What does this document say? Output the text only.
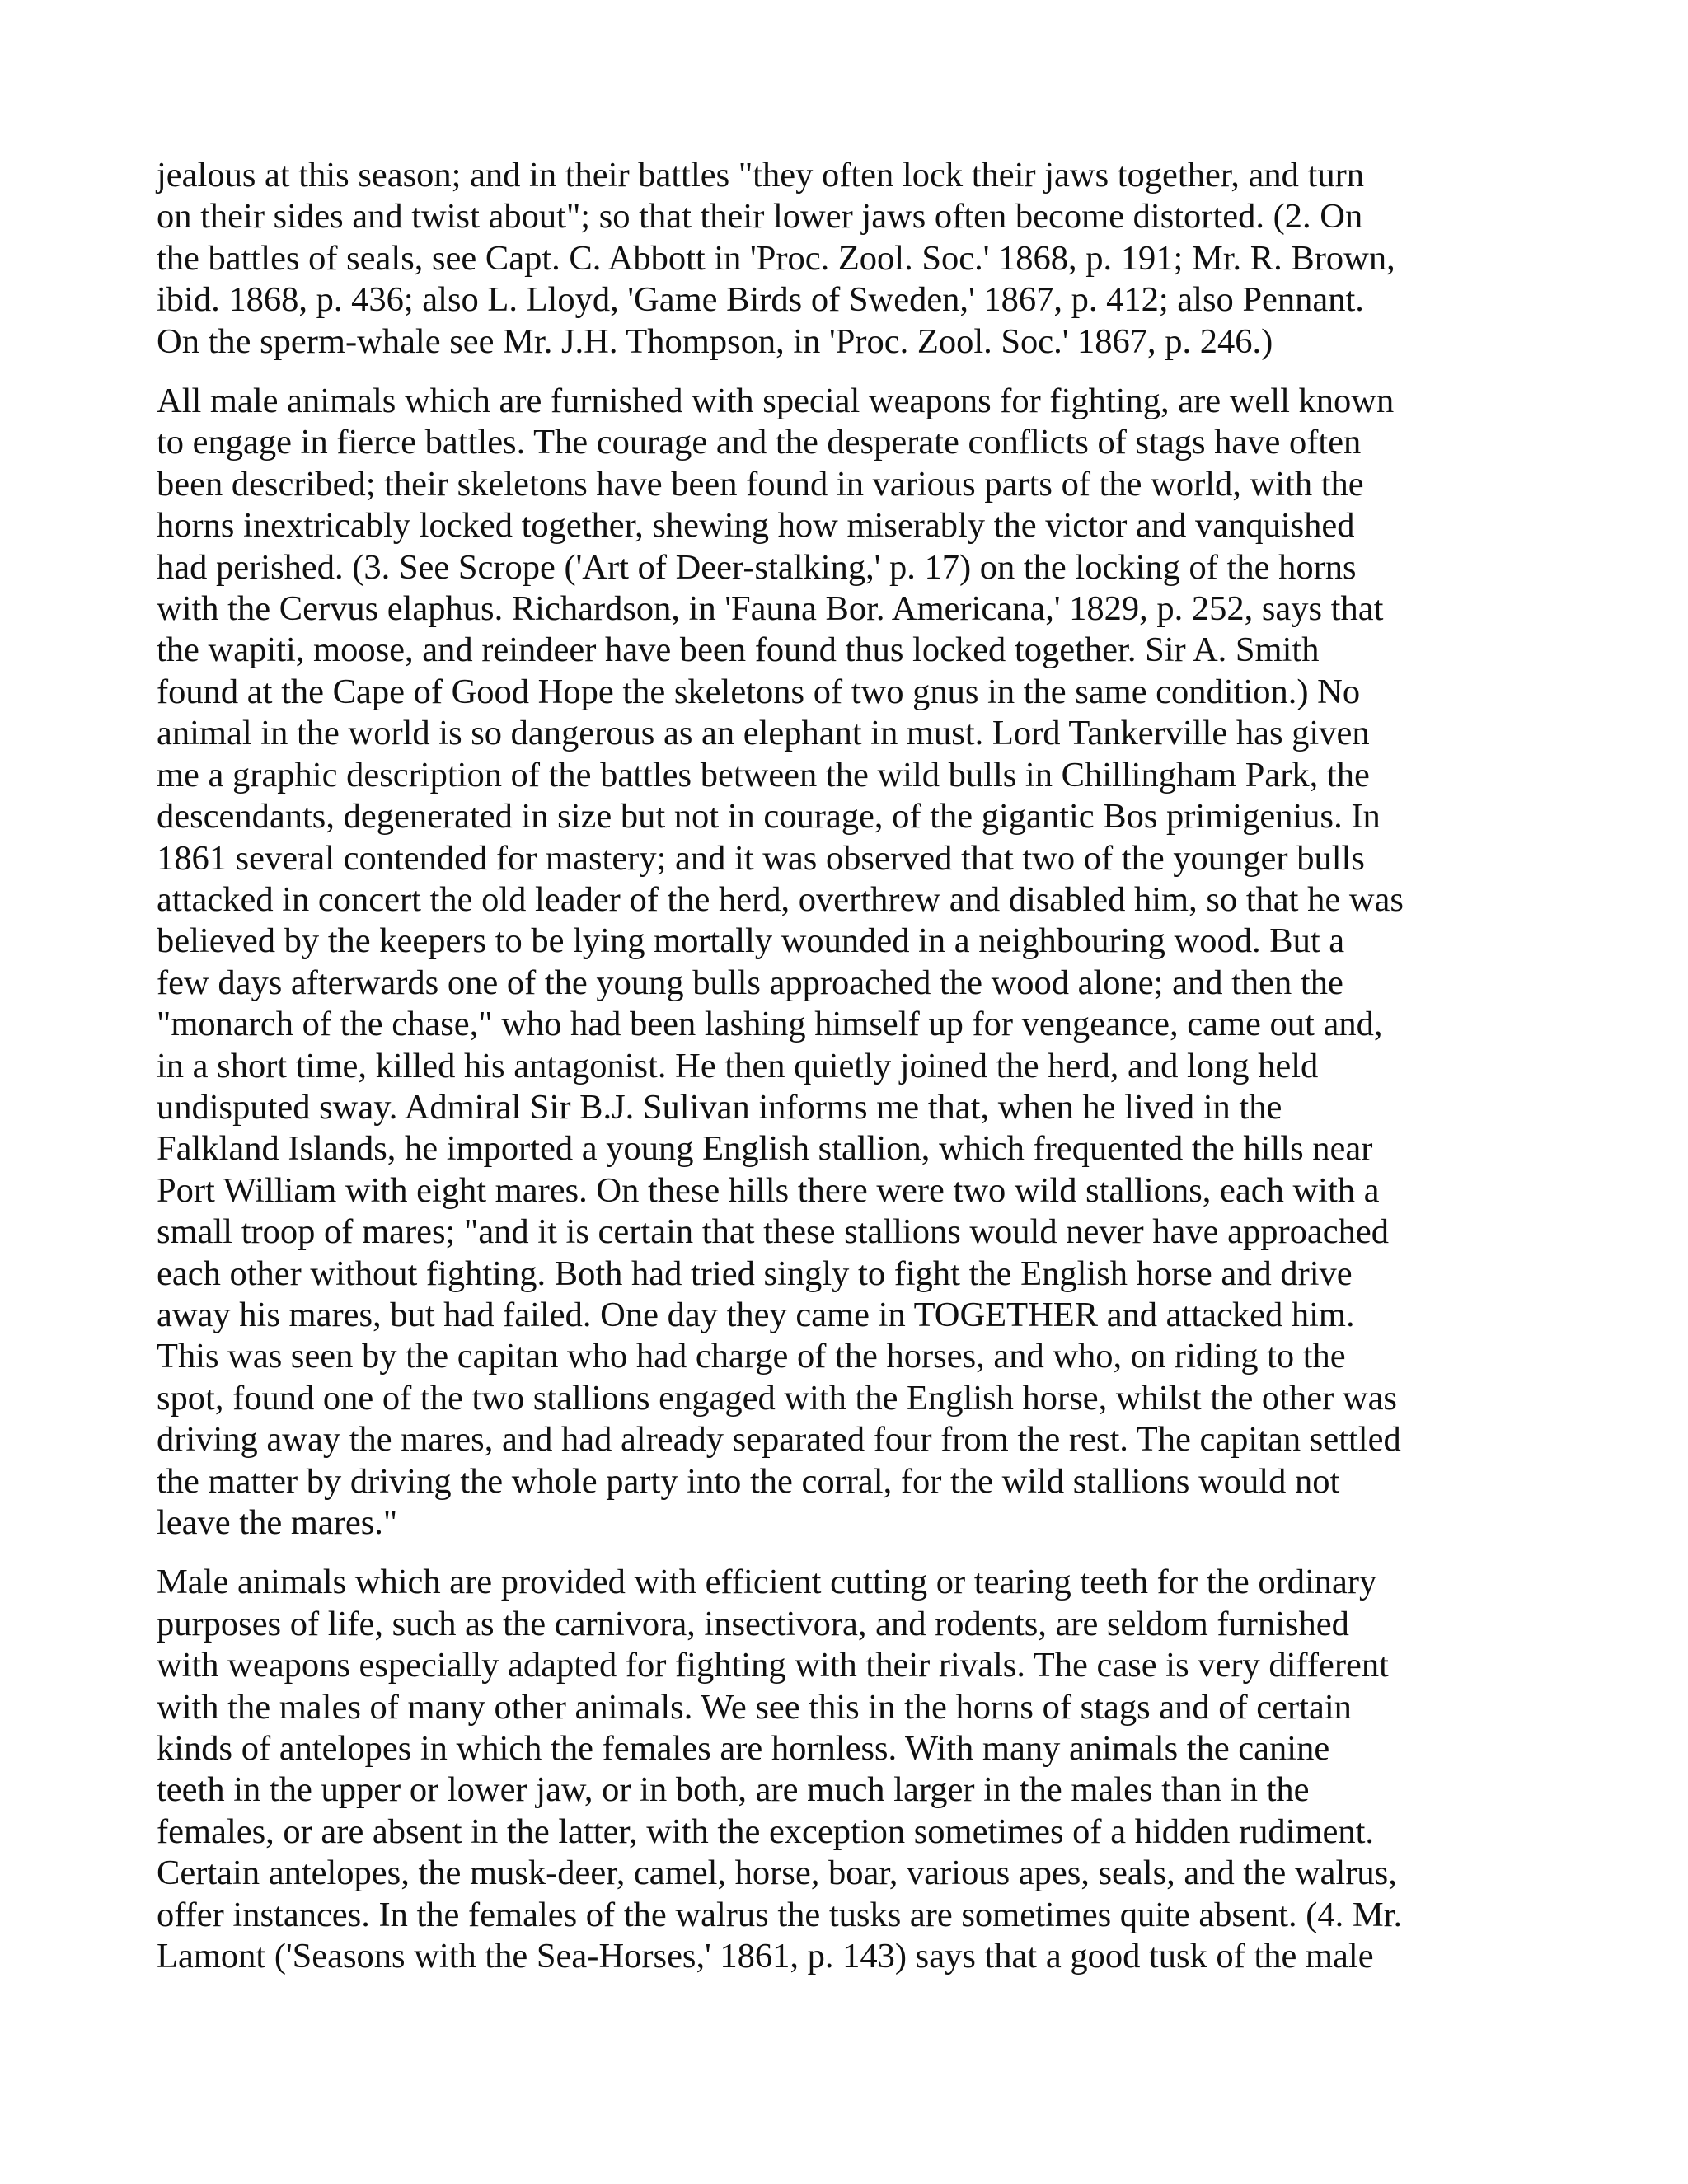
jealous at this season; and in their battles "they often lock their jaws together, and turn
on their sides and twist about"; so that their lower jaws often become distorted. (2. On
the battles of seals, see Capt. C. Abbott in 'Proc. Zool. Soc.' 1868, p. 191; Mr. R. Brown,
ibid. 1868, p. 436; also L. Lloyd, 'Game Birds of Sweden,' 1867, p. 412; also Pennant.
On the sperm-whale see Mr. J.H. Thompson, in 'Proc. Zool. Soc.' 1867, p. 246.)

All male animals which are furnished with special weapons for fighting, are well known
to engage in fierce battles. The courage and the desperate conflicts of stags have often
been described; their skeletons have been found in various parts of the world, with the
horns inextricably locked together, shewing how miserably the victor and vanquished
had perished. (3. See Scrope ('Art of Deer-stalking,' p. 17) on the locking of the horns
with the Cervus elaphus. Richardson, in 'Fauna Bor. Americana,' 1829, p. 252, says that
the wapiti, moose, and reindeer have been found thus locked together. Sir A. Smith
found at the Cape of Good Hope the skeletons of two gnus in the same condition.) No
animal in the world is so dangerous as an elephant in must. Lord Tankerville has given
me a graphic description of the battles between the wild bulls in Chillingham Park, the
descendants, degenerated in size but not in courage, of the gigantic Bos primigenius. In
1861 several contended for mastery; and it was observed that two of the younger bulls
attacked in concert the old leader of the herd, overthrew and disabled him, so that he was
believed by the keepers to be lying mortally wounded in a neighbouring wood. But a
few days afterwards one of the young bulls approached the wood alone; and then the
"monarch of the chase," who had been lashing himself up for vengeance, came out and,
in a short time, killed his antagonist. He then quietly joined the herd, and long held
undisputed sway. Admiral Sir B.J. Sulivan informs me that, when he lived in the
Falkland Islands, he imported a young English stallion, which frequented the hills near
Port William with eight mares. On these hills there were two wild stallions, each with a
small troop of mares; "and it is certain that these stallions would never have approached
each other without fighting. Both had tried singly to fight the English horse and drive
away his mares, but had failed. One day they came in TOGETHER and attacked him.
This was seen by the capitan who had charge of the horses, and who, on riding to the
spot, found one of the two stallions engaged with the English horse, whilst the other was
driving away the mares, and had already separated four from the rest. The capitan settled
the matter by driving the whole party into the corral, for the wild stallions would not
leave the mares."

Male animals which are provided with efficient cutting or tearing teeth for the ordinary
purposes of life, such as the carnivora, insectivora, and rodents, are seldom furnished
with weapons especially adapted for fighting with their rivals. The case is very different
with the males of many other animals. We see this in the horns of stags and of certain
kinds of antelopes in which the females are hornless. With many animals the canine
teeth in the upper or lower jaw, or in both, are much larger in the males than in the
females, or are absent in the latter, with the exception sometimes of a hidden rudiment.
Certain antelopes, the musk-deer, camel, horse, boar, various apes, seals, and the walrus,
offer instances. In the females of the walrus the tusks are sometimes quite absent. (4. Mr.
Lamont ('Seasons with the Sea-Horses,' 1861, p. 143) says that a good tusk of the male
